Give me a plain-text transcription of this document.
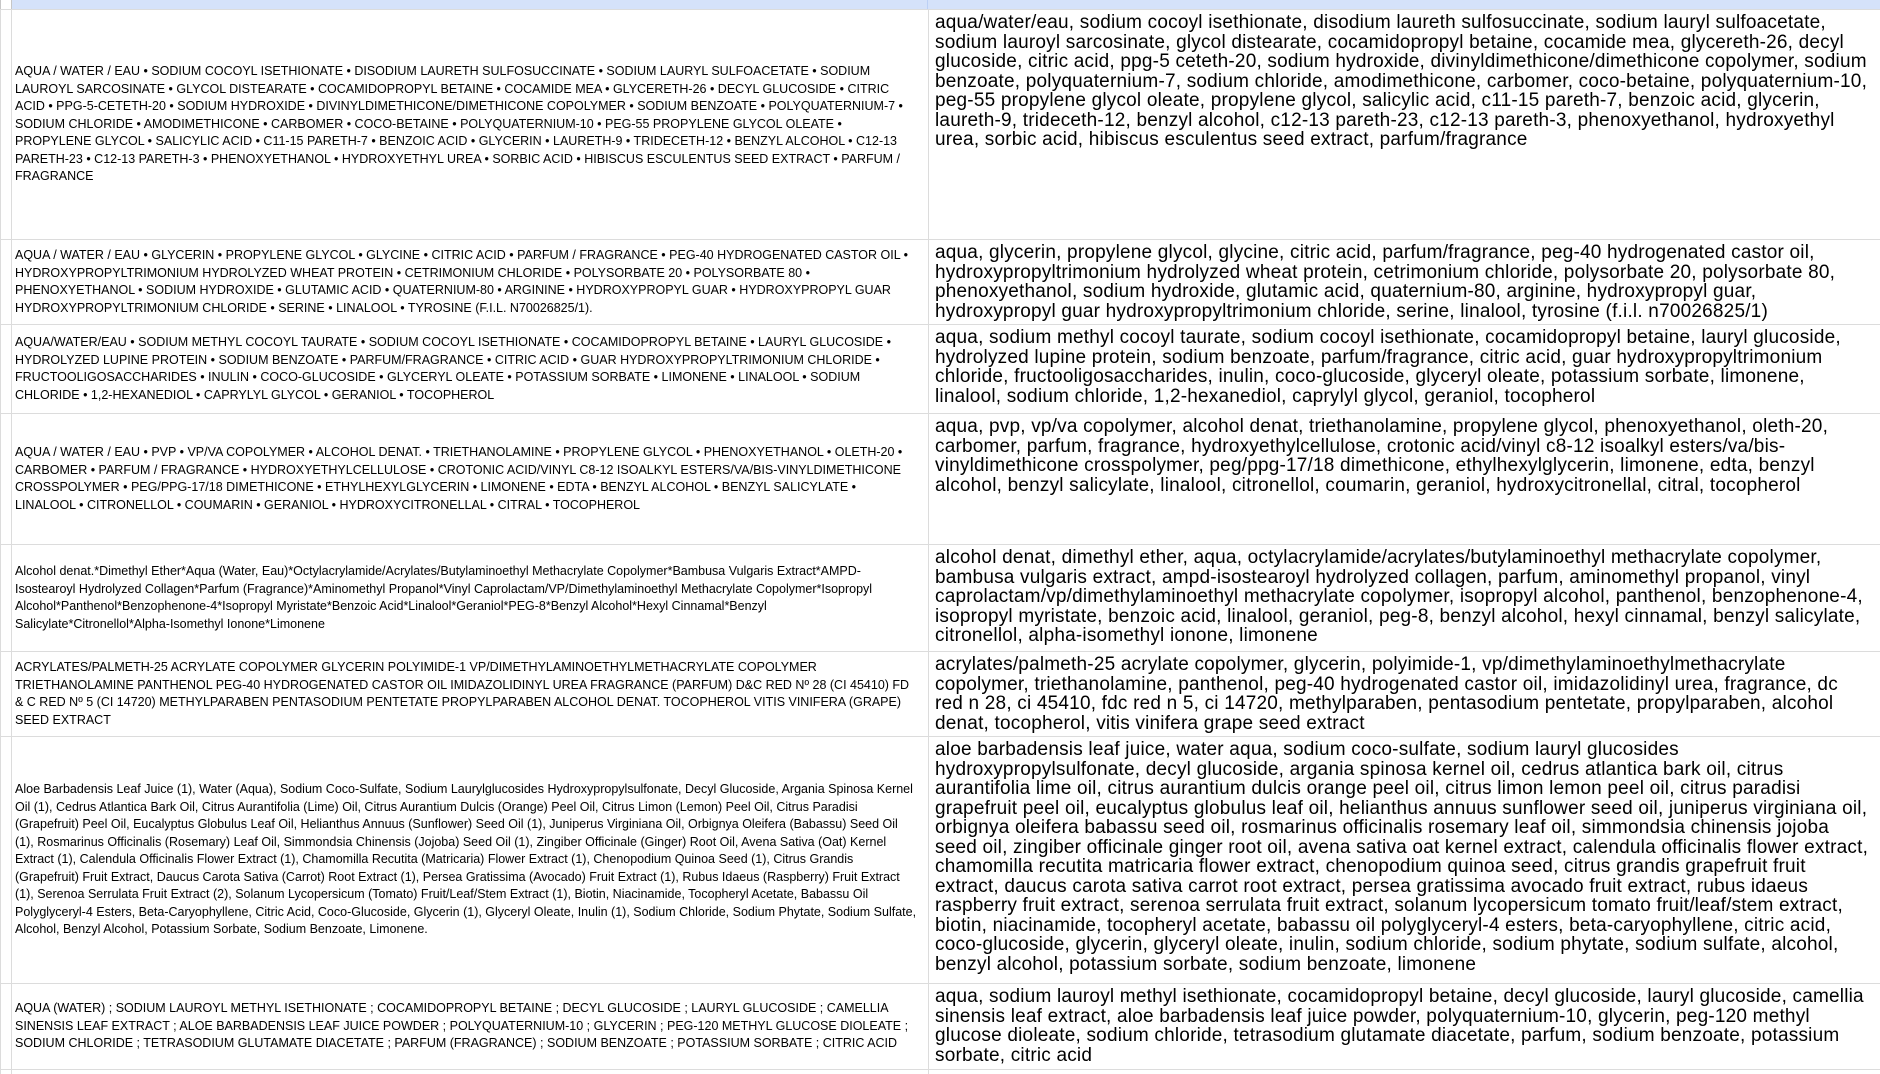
AQUA / WATER / EAU • SODIUM COCOYL ISETHIONATE • DISODIUM LAURETH SULFOSUCCINATE • SODIUM LAURYL SULFOACETATE • SODIUM LAUROYL SARCOSINATE • GLYCOL DISTEARATE • COCAMIDOPROPYL BETAINE • COCAMIDE MEA • GLYCERETH-26 • DECYL GLUCOSIDE • CITRIC ACID • PPG-5-CETETH-20 • SODIUM HYDROXIDE • DIVINYLDIMETHICONE/DIMETHICONE COPOLYMER • SODIUM BENZOATE • POLYQUATERNIUM-7 • SODIUM CHLORIDE • AMODIMETHICONE • CARBOMER • COCO-BETAINE • POLYQUATERNIUM-10 • PEG-55 PROPYLENE GLYCOL OLEATE • PROPYLENE GLYCOL • SALICYLIC ACID • C11-15 PARETH-7 • BENZOIC ACID • GLYCERIN • LAURETH-9 • TRIDECETH-12 • BENZYL ALCOHOL • C12-13 PARETH-23 • C12-13 PARETH-3 • PHENOXYETHANOL • HYDROXYETHYL UREA • SORBIC ACID • HIBISCUS ESCULENTUS SEED EXTRACT • PARFUM / FRAGRANCE
aqua/water/eau, sodium cocoyl isethionate, disodium laureth sulfosuccinate, sodium lauryl sulfoacetate, sodium lauroyl sarcosinate, glycol distearate, cocamidopropyl betaine, cocamide mea, glycereth-26, decyl glucoside, citric acid, ppg-5 ceteth-20, sodium hydroxide, divinyldimethicone/dimethicone copolymer, sodium benzoate, polyquaternium-7, sodium chloride, amodimethicone, carbomer, coco-betaine, polyquaternium-10, peg-55 propylene glycol oleate, propylene glycol, salicylic acid, c11-15 pareth-7, benzoic acid, glycerin, laureth-9, trideceth-12, benzyl alcohol, c12-13 pareth-23, c12-13 pareth-3, phenoxyethanol, hydroxyethyl urea, sorbic acid, hibiscus esculentus seed extract, parfum/fragrance
AQUA / WATER / EAU • GLYCERIN • PROPYLENE GLYCOL • GLYCINE • CITRIC ACID • PARFUM / FRAGRANCE • PEG-40 HYDROGENATED CASTOR OIL • HYDROXYPROPYLTRIMONIUM HYDROLYZED WHEAT PROTEIN • CETRIMONIUM CHLORIDE • POLYSORBATE 20 • POLYSORBATE 80 • PHENOXYETHANOL • SODIUM HYDROXIDE • GLUTAMIC ACID • QUATERNIUM-80 • ARGININE • HYDROXYPROPYL GUAR • HYDROXYPROPYL GUAR HYDROXYPROPYLTRIMONIUM CHLORIDE • SERINE • LINALOOL • TYROSINE (F.I.L. N70026825/1).
aqua, glycerin, propylene glycol, glycine, citric acid, parfum/fragrance, peg-40 hydrogenated castor oil, hydroxypropyltrimonium hydrolyzed wheat protein, cetrimonium chloride, polysorbate 20, polysorbate 80, phenoxyethanol, sodium hydroxide, glutamic acid, quaternium-80, arginine, hydroxypropyl guar, hydroxypropyl guar hydroxypropyltrimonium chloride, serine, linalool, tyrosine (f.i.l. n70026825/1)
AQUA/WATER/EAU • SODIUM METHYL COCOYL TAURATE • SODIUM COCOYL ISETHIONATE • COCAMIDOPROPYL BETAINE • LAURYL GLUCOSIDE • HYDROLYZED LUPINE PROTEIN • SODIUM BENZOATE • PARFUM/FRAGRANCE • CITRIC ACID • GUAR HYDROXYPROPYLTRIMONIUM CHLORIDE • FRUCTOOLIGOSACCHARIDES • INULIN • COCO-GLUCOSIDE • GLYCERYL OLEATE • POTASSIUM SORBATE • LIMONENE • LINALOOL • SODIUM CHLORIDE • 1,2-HEXANEDIOL • CAPRYLYL GLYCOL • GERANIOL • TOCOPHEROL
aqua, sodium methyl cocoyl taurate, sodium cocoyl isethionate, cocamidopropyl betaine, lauryl glucoside, hydrolyzed lupine protein, sodium benzoate, parfum/fragrance, citric acid, guar hydroxypropyltrimonium chloride, fructooligosaccharides, inulin, coco-glucoside, glyceryl oleate, potassium sorbate, limonene, linalool, sodium chloride, 1,2-hexanediol, caprylyl glycol, geraniol, tocopherol
AQUA / WATER / EAU • PVP • VP/VA COPOLYMER • ALCOHOL DENAT. • TRIETHANOLAMINE • PROPYLENE GLYCOL • PHENOXYETHANOL • OLETH-20 • CARBOMER • PARFUM / FRAGRANCE • HYDROXYETHYLCELLULOSE • CROTONIC ACID/VINYL C8-12 ISOALKYL ESTERS/VA/BIS-VINYLDIMETHICONE CROSSPOLYMER • PEG/PPG-17/18 DIMETHICONE • ETHYLHEXYLGLYCERIN • LIMONENE • EDTA • BENZYL ALCOHOL • BENZYL SALICYLATE • LINALOOL • CITRONELLOL • COUMARIN • GERANIOL • HYDROXYCITRONELLAL • CITRAL • TOCOPHEROL
aqua, pvp, vp/va copolymer, alcohol denat, triethanolamine, propylene glycol, phenoxyethanol, oleth-20, carbomer, parfum, fragrance, hydroxyethylcellulose, crotonic acid/vinyl c8-12 isoalkyl esters/va/bis-vinyldimethicone crosspolymer, peg/ppg-17/18 dimethicone, ethylhexylglycerin, limonene, edta, benzyl alcohol, benzyl salicylate, linalool, citronellol, coumarin, geraniol, hydroxycitronellal, citral, tocopherol
Alcohol denat.*Dimethyl Ether*Aqua (Water, Eau)*Octylacrylamide/Acrylates/Butylaminoethyl Methacrylate Copolymer*Bambusa Vulgaris Extract*AMPD-Isostearoyl Hydrolyzed Collagen*Parfum (Fragrance)*Aminomethyl Propanol*Vinyl Caprolactam/VP/Dimethylaminoethyl Methacrylate Copolymer*Isopropyl Alcohol*Panthenol*Benzophenone-4*Isopropyl Myristate*Benzoic Acid*Linalool*Geraniol*PEG-8*Benzyl Alcohol*Hexyl Cinnamal*Benzyl Salicylate*Citronellol*Alpha-Isomethyl Ionone*Limonene
alcohol denat, dimethyl ether, aqua, octylacrylamide/acrylates/butylaminoethyl methacrylate copolymer, bambusa vulgaris extract, ampd-isostearoyl hydrolyzed collagen, parfum, aminomethyl propanol, vinyl caprolactam/vp/dimethylaminoethyl methacrylate copolymer, isopropyl alcohol, panthenol, benzophenone-4, isopropyl myristate, benzoic acid, linalool, geraniol, peg-8, benzyl alcohol, hexyl cinnamal, benzyl salicylate, citronellol, alpha-isomethyl ionone, limonene
ACRYLATES/PALMETH-25 ACRYLATE COPOLYMER GLYCERIN POLYIMIDE-1 VP/DIMETHYLAMINOETHYLMETHACRYLATE COPOLYMER TRIETHANOLAMINE PANTHENOL PEG-40 HYDROGENATED CASTOR OIL IMIDAZOLIDINYL UREA FRAGRANCE (PARFUM) D&C RED Nº 28 (CI 45410) FD & C RED Nº 5 (CI 14720) METHYLPARABEN PENTASODIUM PENTETATE PROPYLPARABEN ALCOHOL DENAT. TOCOPHEROL VITIS VINIFERA (GRAPE) SEED EXTRACT
acrylates/palmeth-25 acrylate copolymer, glycerin, polyimide-1, vp/dimethylaminoethylmethacrylate copolymer, triethanolamine, panthenol, peg-40 hydrogenated castor oil, imidazolidinyl urea, fragrance, dc red n 28, ci 45410, fdc red n 5, ci 14720, methylparaben, pentasodium pentetate, propylparaben, alcohol denat, tocopherol, vitis vinifera grape seed extract
Aloe Barbadensis Leaf Juice (1), Water (Aqua), Sodium Coco-Sulfate, Sodium Laurylglucosides Hydroxypropylsulfonate, Decyl Glucoside, Argania Spinosa Kernel Oil (1), Cedrus Atlantica Bark Oil, Citrus Aurantifolia (Lime) Oil, Citrus Aurantium Dulcis (Orange) Peel Oil, Citrus Limon (Lemon) Peel Oil, Citrus Paradisi (Grapefruit) Peel Oil, Eucalyptus Globulus Leaf Oil, Helianthus Annuus (Sunflower) Seed Oil (1), Juniperus Virginiana Oil, Orbignya Oleifera (Babassu) Seed Oil (1), Rosmarinus Officinalis (Rosemary) Leaf Oil, Simmondsia Chinensis (Jojoba) Seed Oil (1), Zingiber Officinale (Ginger) Root Oil, Avena Sativa (Oat) Kernel Extract (1), Calendula Officinalis Flower Extract (1), Chamomilla Recutita (Matricaria) Flower Extract (1), Chenopodium Quinoa Seed (1), Citrus Grandis (Grapefruit) Fruit Extract, Daucus Carota Sativa (Carrot) Root Extract (1), Persea Gratissima (Avocado) Fruit Extract (1), Rubus Idaeus (Raspberry) Fruit Extract (1), Serenoa Serrulata Fruit Extract (2), Solanum Lycopersicum (Tomato) Fruit/Leaf/Stem Extract (1), Biotin, Niacinamide, Tocopheryl Acetate, Babassu Oil Polyglyceryl-4 Esters, Beta-Caryophyllene, Citric Acid, Coco-Glucoside, Glycerin (1), Glyceryl Oleate, Inulin (1), Sodium Chloride, Sodium Phytate, Sodium Sulfate, Alcohol, Benzyl Alcohol, Potassium Sorbate, Sodium Benzoate, Limonene.
aloe barbadensis leaf juice, water aqua, sodium coco-sulfate, sodium lauryl glucosides hydroxypropylsulfonate, decyl glucoside, argania spinosa kernel oil, cedrus atlantica bark oil, citrus aurantifolia lime oil, citrus aurantium dulcis orange peel oil, citrus limon lemon peel oil, citrus paradisi grapefruit peel oil, eucalyptus globulus leaf oil, helianthus annuus sunflower seed oil, juniperus virginiana oil, orbignya oleifera babassu seed oil, rosmarinus officinalis rosemary leaf oil, simmondsia chinensis jojoba seed oil, zingiber officinale ginger root oil, avena sativa oat kernel extract, calendula officinalis flower extract, chamomilla recutita matricaria flower extract, chenopodium quinoa seed, citrus grandis grapefruit fruit extract, daucus carota sativa carrot root extract, persea gratissima avocado fruit extract, rubus idaeus raspberry fruit extract, serenoa serrulata fruit extract, solanum lycopersicum tomato fruit/leaf/stem extract, biotin, niacinamide, tocopheryl acetate, babassu oil polyglyceryl-4 esters, beta-caryophyllene, citric acid, coco-glucoside, glycerin, glyceryl oleate, inulin, sodium chloride, sodium phytate, sodium sulfate, alcohol, benzyl alcohol, potassium sorbate, sodium benzoate, limonene
AQUA (WATER) ; SODIUM LAUROYL METHYL ISETHIONATE ; COCAMIDOPROPYL BETAINE ; DECYL GLUCOSIDE ; LAURYL GLUCOSIDE ; CAMELLIA SINENSIS LEAF EXTRACT ; ALOE BARBADENSIS LEAF JUICE POWDER ; POLYQUATERNIUM-10 ; GLYCERIN ; PEG-120 METHYL GLUCOSE DIOLEATE ; SODIUM CHLORIDE ; TETRASODIUM GLUTAMATE DIACETATE ; PARFUM (FRAGRANCE) ; SODIUM BENZOATE ; POTASSIUM SORBATE ; CITRIC ACID
aqua, sodium lauroyl methyl isethionate, cocamidopropyl betaine, decyl glucoside, lauryl glucoside, camellia sinensis leaf extract, aloe barbadensis leaf juice powder, polyquaternium-10, glycerin, peg-120 methyl glucose dioleate, sodium chloride, tetrasodium glutamate diacetate, parfum, sodium benzoate, potassium sorbate, citric acid
